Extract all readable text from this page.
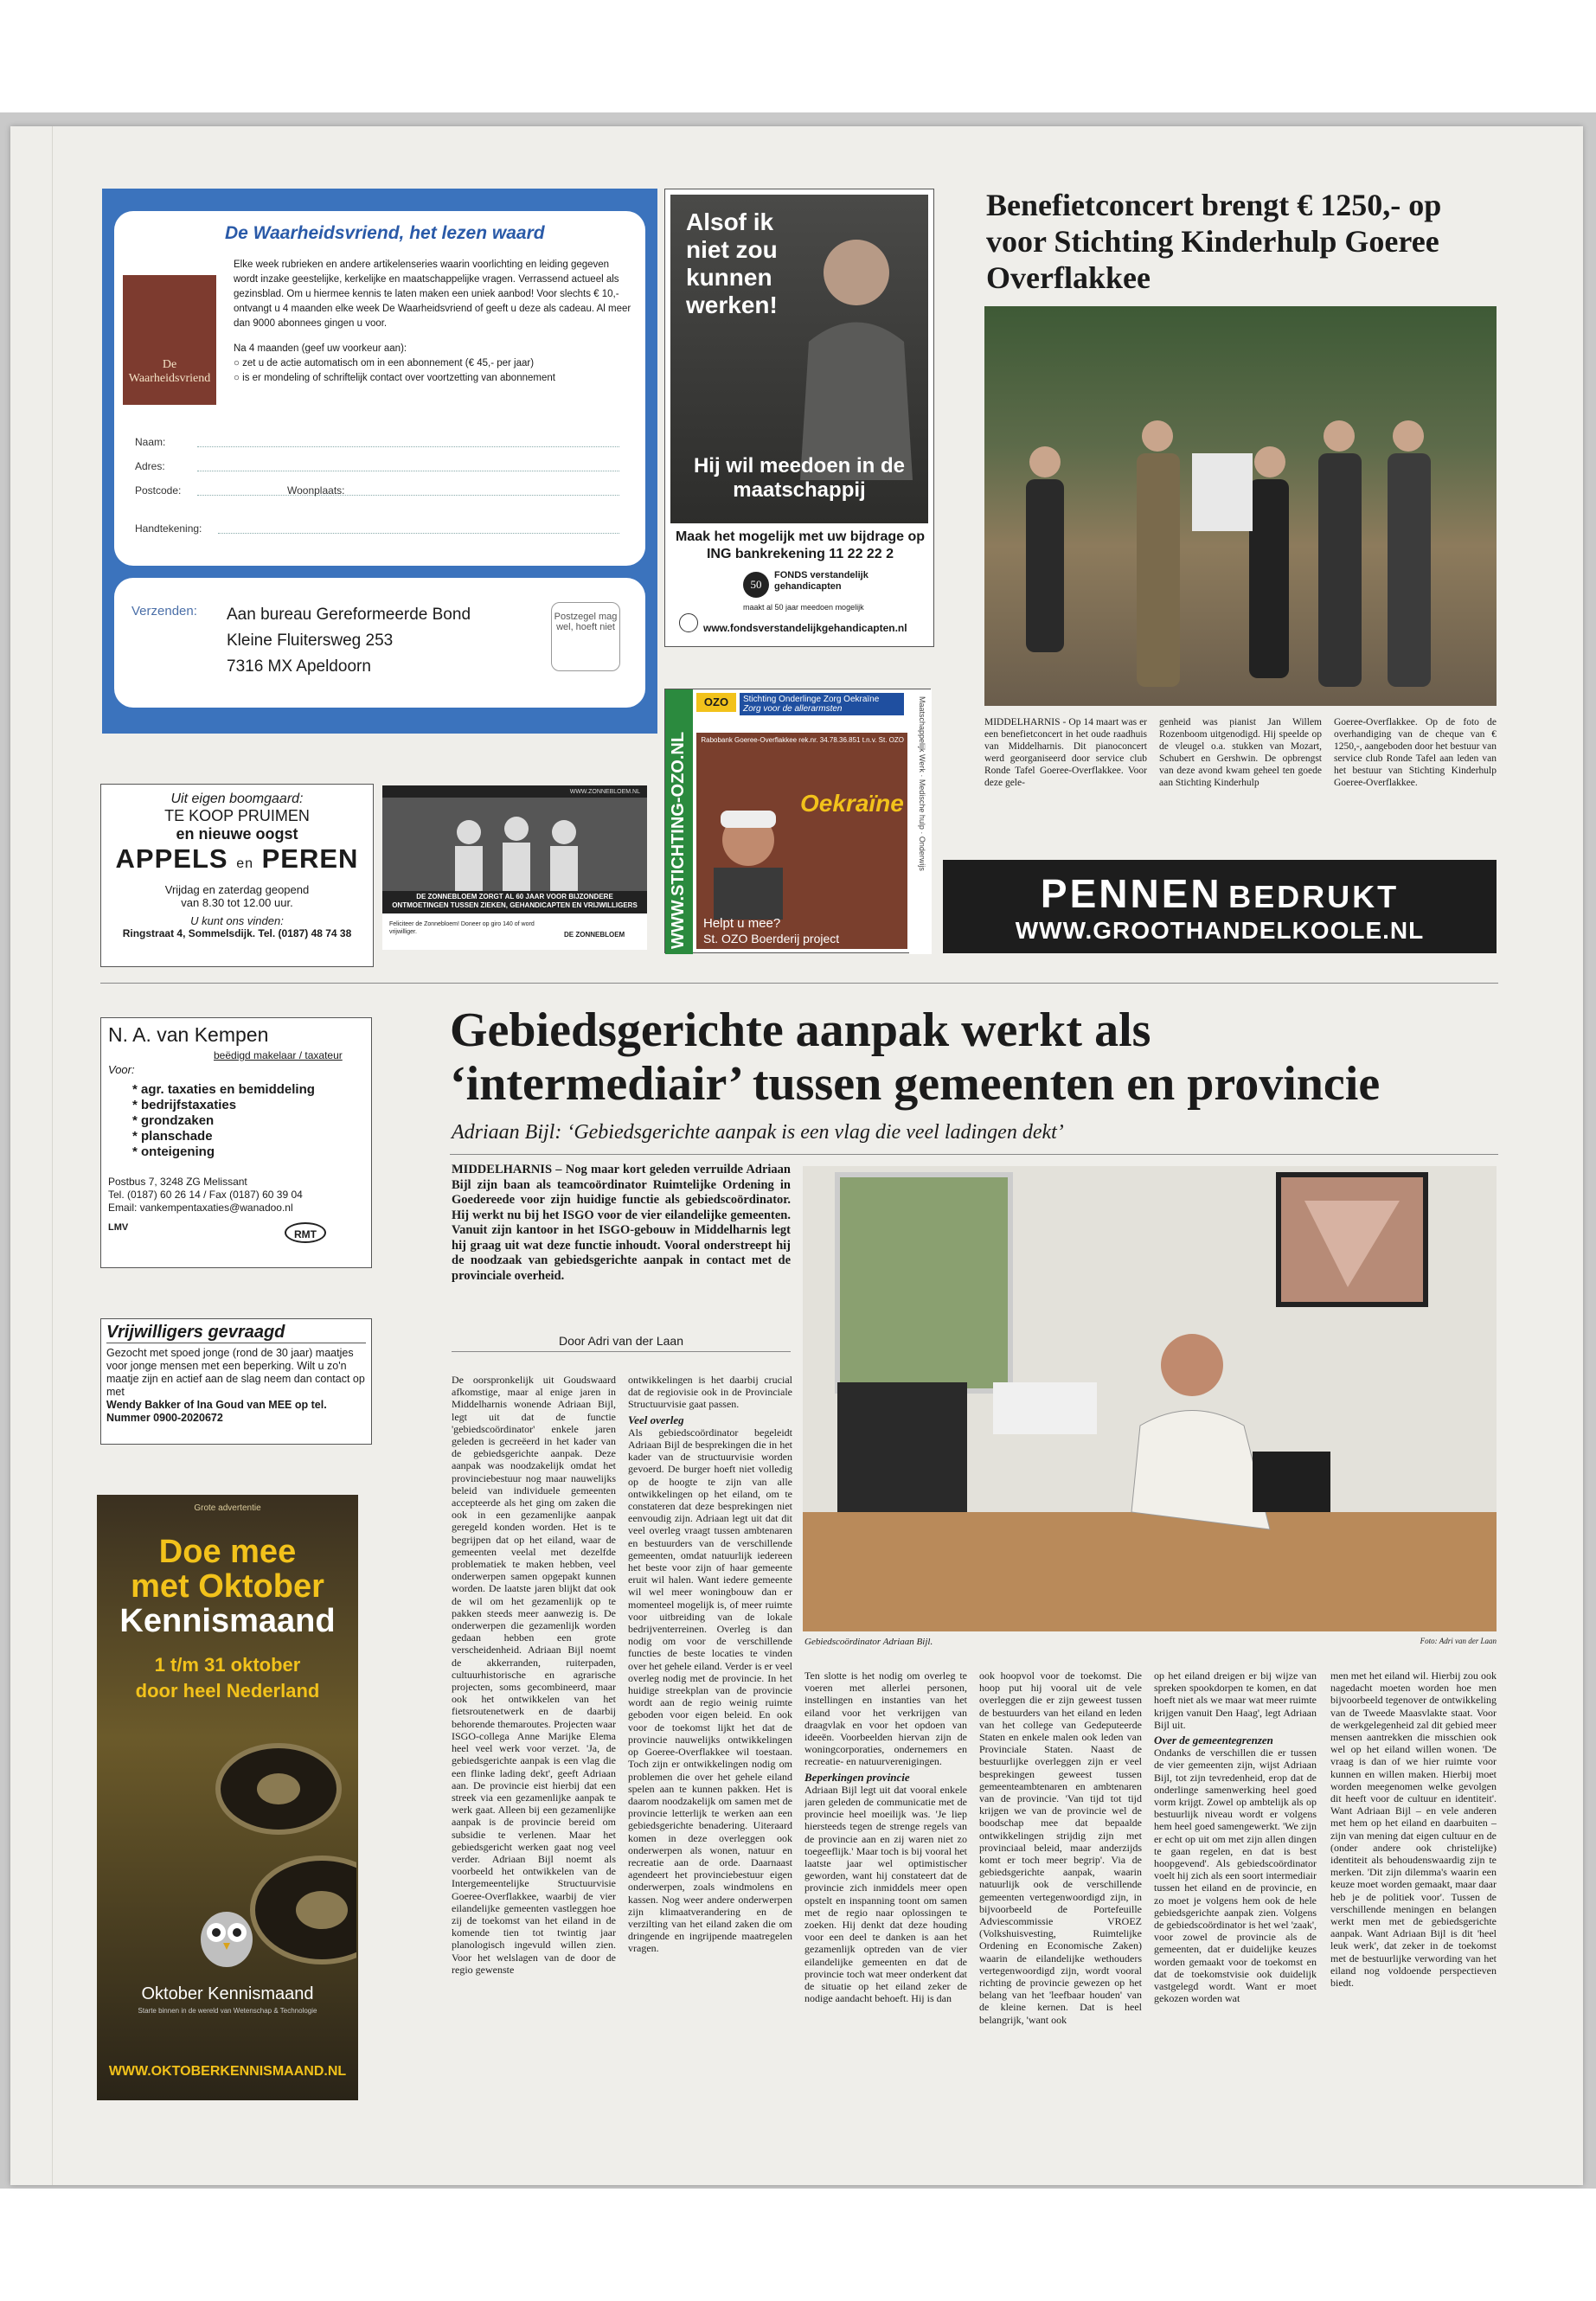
De Waarheidsvriend, het lezen waard
De Waarheidsvriend
Elke week rubrieken en andere artikelenseries waarin voorlichting en leiding gegeven wordt inzake geestelijke, kerkelijke en maatschappelijke vragen. Verrassend actueel als gezinsblad. Om u hiermee kennis te laten maken een uniek aanbod! Voor slechts € 10,- ontvangt u 4 maanden elke week De Waarheidsvriend of geeft u deze als cadeau. Al meer dan 9000 abonnees gingen u voor.
Na 4 maanden (geef uw voorkeur aan):
○ zet u de actie automatisch om in een abonnement (€ 45,- per jaar)
○ is er mondeling of schriftelijk contact over voortzetting van abonnement
Naam:
Adres:
Postcode:	Woonplaats:
Handtekening:
Verzenden: Aan bureau Gereformeerde Bond
Kleine Fluitersweg 253
7316 MX Apeldoorn
Postzegel mag wel, hoeft niet
Alsof ik niet zou kunnen werken!
Hij wil meedoen in de maatschappij
Maak het mogelijk met uw bijdrage op ING bankrekening 11 22 22 2
50
FONDS verstandelijk gehandicapten
maakt al 50 jaar meedoen mogelijk
www.fondsverstandelijkgehandicapten.nl
Benefietconcert brengt € 1250,- op voor Stichting Kinderhulp Goeree Overflakkee
MIDDELHARNIS - Op 14 maart was er een benefietconcert in het oude raadhuis van Middelharnis. Dit pianoconcert werd georganiseerd door service club Ronde Tafel Goeree-Overflakkee. Voor deze gele-
genheid was pianist Jan Willem Rozenboom uitgenodigd. Hij speelde op de vleugel o.a. stukken van Mozart, Schubert en Gershwin. De opbrengst van deze avond kwam geheel ten goede aan Stichting Kinderhulp
Goeree-Overflakkee. Op de foto de overhandiging van de cheque van € 1250,-, aangeboden door het bestuur van service club Ronde Tafel aan leden van het bestuur van Stichting Kinderhulp Goeree-Overflakkee.
Uit eigen boomgaard:
TE KOOP PRUIMEN
en nieuwe oogst
APPELS en PEREN
Vrijdag en zaterdag geopend
van 8.30 tot 12.00 uur.
U kunt ons vinden:
Ringstraat 4, Sommelsdijk. Tel. (0187) 48 74 38
WWW.ZONNEBLOEM.NL
DE ZONNEBLOEM ZORGT AL 60 JAAR VOOR BIJZONDERE ONTMOETINGEN TUSSEN ZIEKEN, GEHANDICAPTEN EN VRIJWILLIGERS
Feliciteer de Zonnebloem! Doneer op giro 140 of word vrijwilliger.	DE ZONNEBLOEM	WWW.STICHTING-OZO.NL
OZO	Stichting Onderlinge Zorg Oekraïne
Zorg voor de allerarmsten
Rabobank Goeree-Overflakkee rek.nr. 34.78.36.851 t.n.v. St. OZO
Oekraïne
Helpt u mee?
St. OZO Boerderij project
Maatschappelijk Werk · Medische hulp · Onderwijs
PENNEN BEDRUKT
WWW.GROOTHANDELKOOLE.NL
N. A. van Kempen
beëdigd makelaar / taxateur
Voor:
* agr. taxaties en bemiddeling
* bedrijfstaxaties
* grondzaken
* planschade
* onteigening
Postbus 7, 3248 ZG Melissant
Tel. (0187) 60 26 14 / Fax (0187) 60 39 04
Email: vankempentaxaties@wanadoo.nl
LMV
RMT
Vrijwilligers gevraagd
Gezocht met spoed jonge (rond de 30 jaar) maatjes voor jonge mensen met een beperking. Wilt u zo'n maatje zijn en actief aan de slag neem dan contact op met
Wendy Bakker of Ina Goud van MEE op tel. Nummer 0900-2020672
Grote advertentie
Doe mee
met Oktober
Kennismaand
1 t/m 31 oktober
door heel Nederland
Oktober Kennismaand
Starte binnen in de wereld van Wetenschap & Technologie
WWW.OKTOBERKENNISMAAND.NL
Gebiedsgerichte aanpak werkt als
‘intermediair’ tussen gemeenten en provincie
Adriaan Bijl: ‘Gebiedsgerichte aanpak is een vlag die veel ladingen dekt’
MIDDELHARNIS – Nog maar kort geleden verruilde Adriaan Bijl zijn baan als teamcoördinator Ruimtelijke Ordening in Goedereede voor zijn huidige functie als gebiedscoördinator. Hij werkt nu bij het ISGO voor de vier eilandelijke gemeenten. Vanuit zijn kantoor in het ISGO-gebouw in Middelharnis legt hij graag uit wat deze functie inhoudt. Vooral onderstreept hij de noodzaak van gebiedsgerichte aanpak in contact met de provinciale overheid.
Door Adri van der Laan
Gebiedscoördinator Adriaan Bijl.	Foto: Adri van der Laan
De oorspronkelijk uit Goudswaard afkomstige, maar al enige jaren in Middelharnis wonende Adriaan Bijl, legt uit dat de functie 'gebiedscoördinator' enkele jaren geleden is gecreëerd in het kader van de gebiedsgerichte aanpak. Deze aanpak was noodzakelijk omdat het provinciebestuur nog maar nauwelijks beleid van individuele gemeenten accepteerde als het ging om zaken die ook in een gezamenlijke aanpak geregeld konden worden. Het is te begrijpen dat op het eiland, waar de gemeenten veelal met dezelfde problematiek te maken hebben, veel onderwerpen samen opgepakt kunnen worden. De laatste jaren blijkt dat ook de wil om het gezamenlijk op te pakken steeds meer aanwezig is. De onderwerpen die gezamenlijk worden gedaan hebben een grote verscheidenheid. Adriaan Bijl noemt de akkerranden, ruiterpaden, cultuurhistorische en agrarische projecten, soms gecombineerd, maar ook het ontwikkelen van het fietsroutenetwerk en de daarbij behorende themaroutes. Projecten waar ISGO-collega Anne Marijke Elema heel veel werk voor verzet. 'Ja, de gebiedsgerichte aanpak is een vlag die een flinke lading dekt', geeft Adriaan aan. De provincie eist hierbij dat een streek via een gezamenlijke aanpak te werk gaat. Alleen bij een gezamenlijke aanpak is de provincie bereid om subsidie te verlenen. Maar het gebiedsgericht werken gaat nog veel verder. Adriaan Bijl noemt als voorbeeld het ontwikkelen van de Intergemeentelijke Structuurvisie Goeree-Overflakkee, waarbij de vier eilandelijke gemeenten vastleggen hoe zij de toekomst van het eiland in de komende tien tot twintig jaar planologisch ingevuld willen zien. Voor het welslagen van de door de regio gewenste

ontwikkelingen is het daarbij crucial dat de regiovisie ook in de Provinciale Structuurvisie gaat passen.

Veel overleg

Als gebiedscoördinator begeleidt Adriaan Bijl de besprekingen die in het kader van de structuurvisie worden gevoerd. De burger hoeft niet volledig op de hoogte te zijn van alle ontwikkelingen op het eiland, om te constateren dat deze besprekingen niet eenvoudig zijn. Adriaan legt uit dat dit veel overleg vraagt tussen ambtenaren en bestuurders van de verschillende gemeenten, omdat natuurlijk iedereen het beste voor zijn of haar gemeente eruit wil halen. Want iedere gemeente wil wel meer woningbouw dan er momenteel mogelijk is, of meer ruimte voor uitbreiding van de lokale bedrijventerreinen. Overleg is dan nodig om voor de verschillende functies de beste locaties te vinden over het gehele eiland. Verder is er veel overleg nodig met de provincie. In het huidige streekplan van de provincie wordt aan de regio weinig ruimte geboden voor eigen beleid. En ook voor de toekomst lijkt het dat de provincie nauwelijks ontwikkelingen op Goeree-Overflakkee wil toestaan. Toch zijn er ontwikkelingen nodig om problemen die over het gehele eiland spelen aan te kunnen pakken. Het is daarom noodzakelijk om samen met de provincie letterlijk te werken aan een gebiedsgerichte benadering. Uiteraard komen in deze overleggen ook onderwerpen als wonen, natuur en recreatie aan de orde. Daarnaast agendeert het provinciebestuur eigen onderwerpen, zoals windmolens en kassen. Nog weer andere onderwerpen zijn klimaatverandering en de verzilting van het eiland zaken die om dringende en ingrijpende maatregelen vragen.

Ten slotte is het nodig om overleg te voeren met allerlei personen, instellingen en instanties van het eiland voor het verkrijgen van draagvlak en voor het opdoen van ideeën. Voorbeelden hiervan zijn de woningcorporaties, ondernemers en recreatie- en natuurverenigingen.

Beperkingen provincie

Adriaan Bijl legt uit dat vooral enkele jaren geleden de communicatie met de provincie heel moeilijk was. 'Je liep hiersteeds tegen de strenge regels van de provincie aan en zij waren niet zo toegeeflijk.' Maar toch is bij vooral het laatste jaar wel optimistischer geworden, want hij constateert dat de provincie zich inmiddels meer open opstelt en inspanning toont om samen met de regio naar oplossingen te zoeken. Hij denkt dat deze houding voor een deel te danken is aan het gezamenlijk optreden van de vier eilandelijke gemeenten en dat de provincie toch wat meer onderkent dat de situatie op het eiland zeker de nodige aandacht behoeft. Hij is dan

ook hoopvol voor de toekomst. Die hoop put hij vooral uit de vele overleggen die er zijn geweest tussen de bestuurders van het eiland en leden van het college van Gedeputeerde Staten en enkele malen ook leden van Provinciale Staten. Naast de bestuurlijke overleggen zijn er veel besprekingen geweest tussen gemeenteambtenaren en ambtenaren van de provincie. 'Van tijd tot tijd krijgen we van de provincie wel de boodschap mee dat bepaalde ontwikkelingen strijdig zijn met provinciaal beleid, maar anderzijds komt er toch meer begrip'. Via de gebiedsgerichte aanpak, waarin natuurlijk ook de verschillende gemeenten vertegenwoordigd zijn, in bijvoorbeeld de Portefeuille Adviescommissie VROEZ (Volkshuisvesting, Ruimtelijke Ordening en Economische Zaken) waarin de eilandelijke wethouders vertegenwoordigd zijn, wordt vooral richting de provincie gewezen op het belang van het 'leefbaar houden' van de kleine kernen. Dat is heel belangrijk, 'want ook

op het eiland dreigen er bij wijze van spreken spookdorpen te komen, en dat hoeft niet als we maar wat meer ruimte krijgen vanuit Den Haag', legt Adriaan Bijl uit.

Over de gemeentegrenzen

Ondanks de verschillen die er tussen de vier gemeenten zijn, wijst Adriaan Bijl, tot zijn tevredenheid, erop dat de onderlinge samenwerking heel goed vorm krijgt. Zowel op ambtelijk als op bestuurlijk niveau wordt er volgens hem heel goed samengewerkt. 'We zijn er echt op uit om met zijn allen dingen te gaan regelen, en dat is best hoopgevend'. Als gebiedscoördinator voelt hij zich als een soort intermediair tussen het eiland en de provincie, en zo moet je volgens hem ook de hele gebiedsgerichte aanpak zien. Volgens de gebiedscoördinator is het wel 'zaak', voor zowel de provincie als de gemeenten, dat er duidelijke keuzes worden gemaakt voor de toekomst en dat de toekomstvisie ook duidelijk vastgelegd wordt. Want er moet gekozen worden wat

men met het eiland wil. Hierbij zou ook nagedacht moeten worden hoe men bijvoorbeeld tegenover de ontwikkeling van de Tweede Maasvlakte staat. Voor de werkgelegenheid zal dit gebied meer mensen aantrekken die misschien ook wel op het eiland willen wonen. 'De vraag is dan of we hier ruimte voor kunnen en willen maken. Hierbij moet worden meegenomen welke gevolgen dit heeft voor de cultuur en identiteit'. Want Adriaan Bijl – en vele anderen met hem op het eiland en daarbuiten – zijn van mening dat eigen cultuur en de (onder andere ook christelijke) identiteit als behoudenswaardig zijn te merken. 'Dit zijn dilemma's waarin een keuze moet worden gemaakt, maar daar heb je de politiek voor'. Tussen de verschillende meningen en belangen werkt men met de gebiedsgerichte aanpak. Want Adriaan Bijl is dit 'heel leuk werk', dat zeker in de toekomst met de bestuurlijke verwording van het eiland nog voldoende perspectieven biedt.
